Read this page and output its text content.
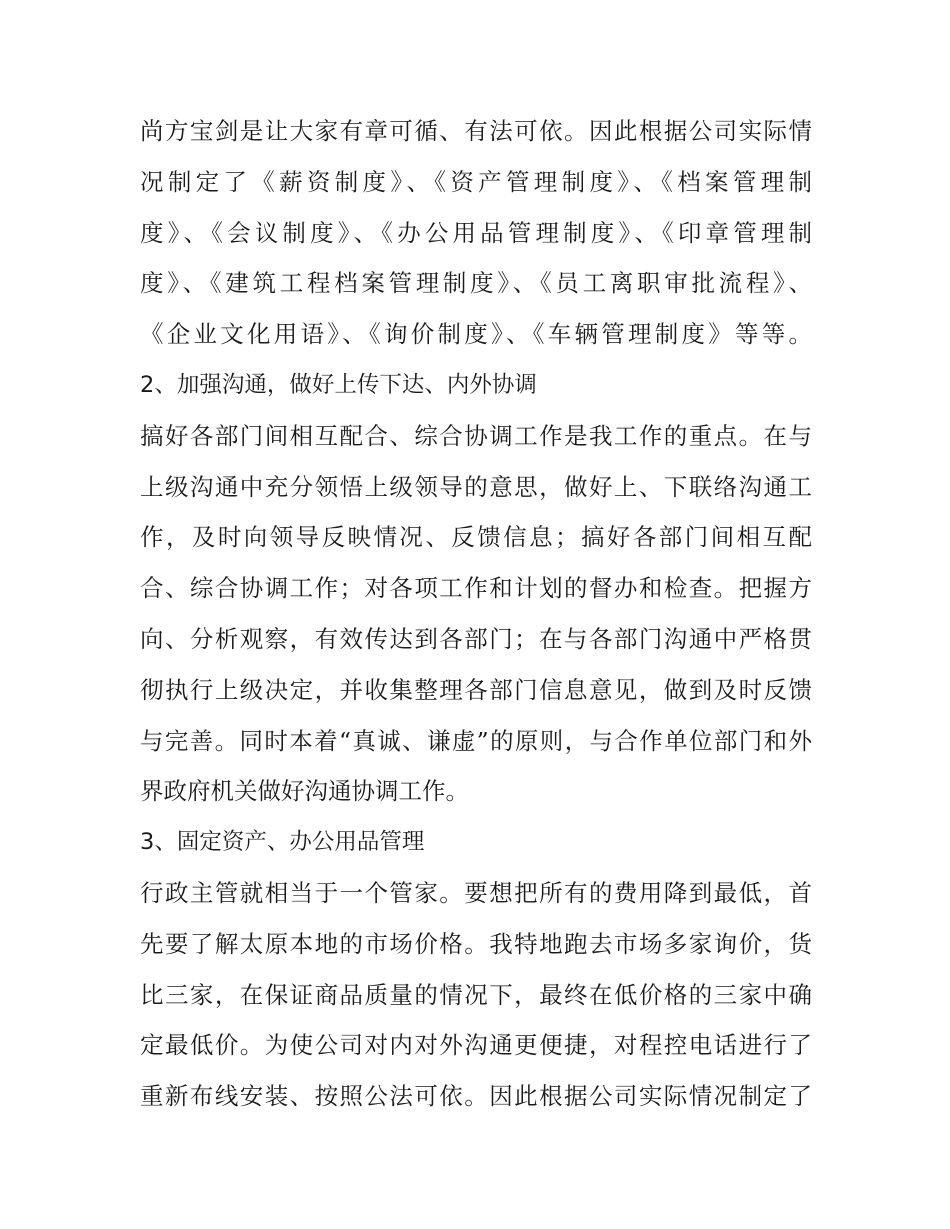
尚方宝剑是让大家有章可循、有法可依。因此根据公司实际情
况制定了《薪资制度》、《资产管理制度》、《档案管理制
度》、《会议制度》、《办公用品管理制度》、《印章管理制
度》、《建筑工程档案管理制度》、《员工离职审批流程》、
《企业文化用语》、《询价制度》、《车辆管理制度》等等。
2、加强沟通，做好上传下达、内外协调
搞好各部门间相互配合、综合协调工作是我工作的重点。在与
上级沟通中充分领悟上级领导的意思，做好上、下联络沟通工
作，及时向领导反映情况、反馈信息；搞好各部门间相互配
合、综合协调工作；对各项工作和计划的督办和检查。把握方
向、分析观察，有效传达到各部门；在与各部门沟通中严格贯
彻执行上级决定，并收集整理各部门信息意见，做到及时反馈
与完善。同时本着“真诚、谦虚”的原则，与合作单位部门和外
界政府机关做好沟通协调工作。
3、固定资产、办公用品管理
行政主管就相当于一个管家。要想把所有的费用降到最低，首
先要了解太原本地的市场价格。我特地跑去市场多家询价，货
比三家，在保证商品质量的情况下，最终在低价格的三家中确
定最低价。为使公司对内对外沟通更便捷，对程控电话进行了
重新布线安装、按照公法可依。因此根据公司实际情况制定了
